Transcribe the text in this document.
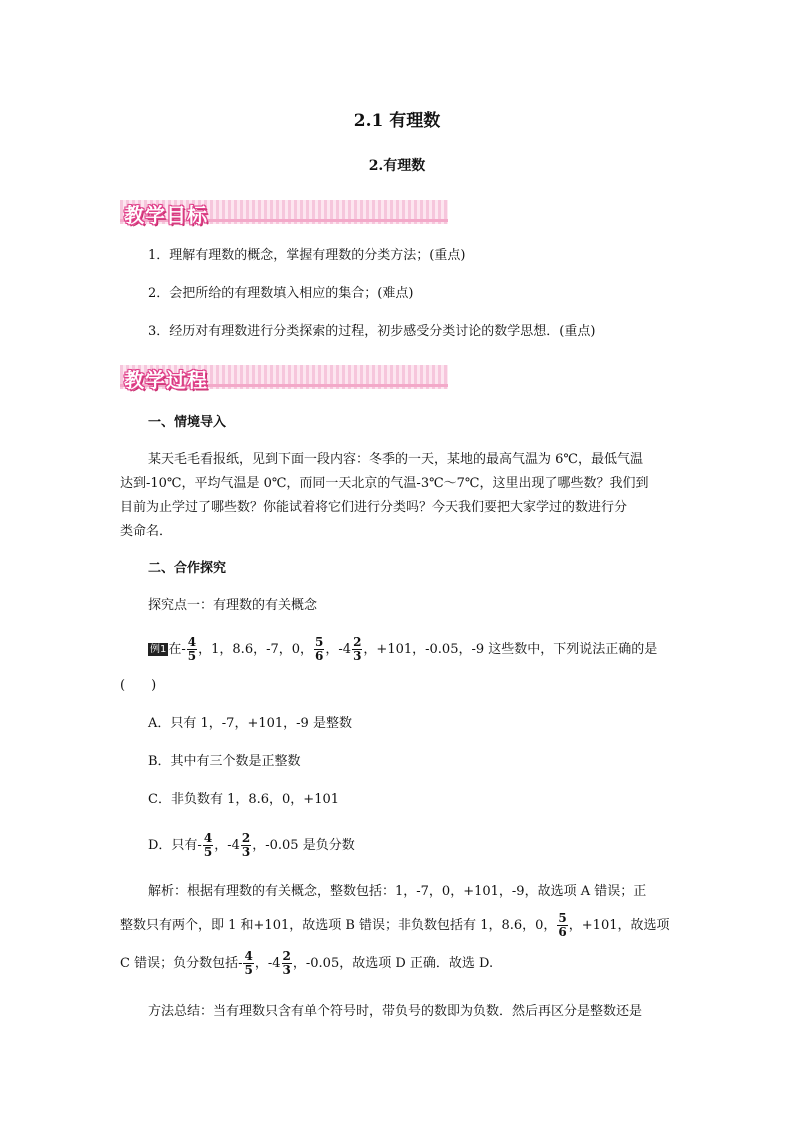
2.1 有理数
2.有理数
教学目标
1．理解有理数的概念，掌握有理数的分类方法；(重点)
2．会把所给的有理数填入相应的集合；(难点)
3．经历对有理数进行分类探索的过程，初步感受分类讨论的数学思想．(重点)
教学过程
一、情境导入
某天毛毛看报纸，见到下面一段内容：冬季的一天，某地的最高气温为 6℃，最低气温
达到-10℃，平均气温是 0℃，而同一天北京的气温-3℃～7℃，这里出现了哪些数？我们到
目前为止学过了哪些数？你能试着将它们进行分类吗？今天我们要把大家学过的数进行分
类命名．
二、合作探究
探究点一：有理数的有关概念
例1 在- $\frac{4}{5}$ ，1，8.6，-7，0， $\frac{5}{6}$ ，$-4 \frac{2}{3}$ ，+101，-0.05，-9 这些数中，下列说法正确的是
(　　)
A．只有 1，-7，+101，-9 是整数
B．其中有三个数是正整数
C．非负数有 1，8.6，0，+101
D．只有- $\frac{4}{5}$ ，$-4 \frac{2}{3}$ ，-0.05 是负分数
解析：根据有理数的有关概念，整数包括：1，-7，0，+101，-9，故选项 A 错误；正
整数只有两个，即 1 和+101，故选项 B 错误；非负数包括有 1，8.6，0， $\frac{5}{6}$ ，+101，故选项
C 错误；负分数包括- $\frac{4}{5}$ ，$-4 \frac{2}{3}$ ，-0.05，故选项 D 正确．故选 D.
方法总结：当有理数只含有单个符号时，带负号的数即为负数．然后再区分是整数还是
